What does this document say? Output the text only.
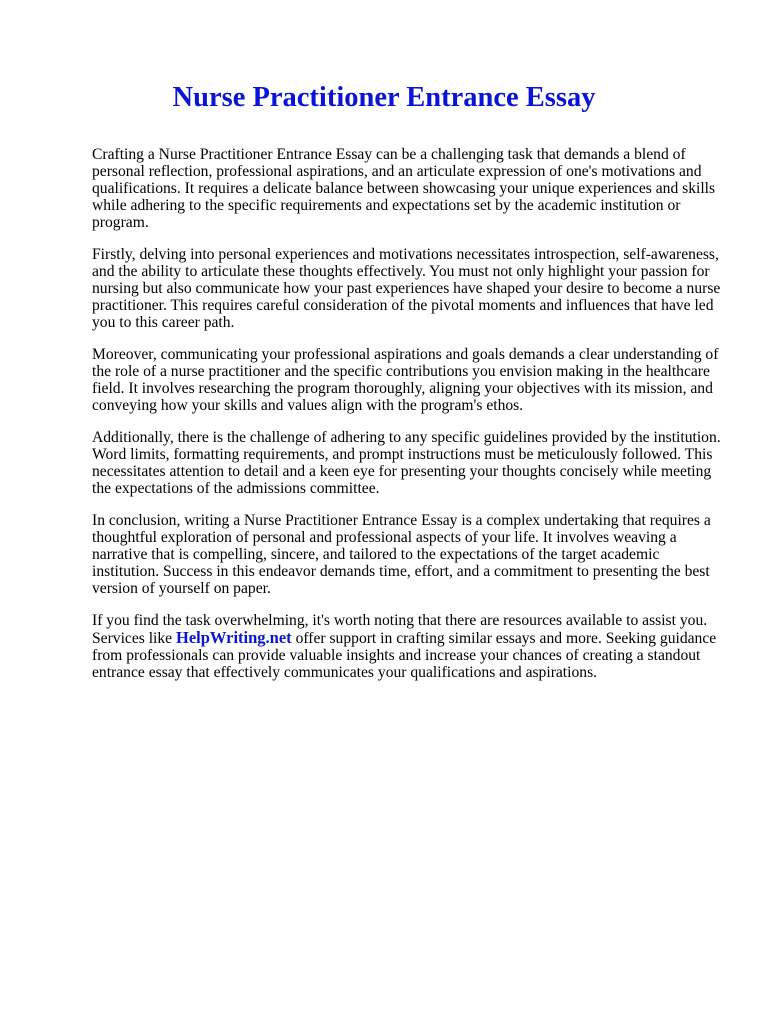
Nurse Practitioner Entrance Essay

Crafting a Nurse Practitioner Entrance Essay can be a challenging task that demands a blend of personal reflection, professional aspirations, and an articulate expression of one's motivations and qualifications. It requires a delicate balance between showcasing your unique experiences and skills while adhering to the specific requirements and expectations set by the academic institution or program.

Firstly, delving into personal experiences and motivations necessitates introspection, self-awareness, and the ability to articulate these thoughts effectively. You must not only highlight your passion for nursing but also communicate how your past experiences have shaped your desire to become a nurse practitioner. This requires careful consideration of the pivotal moments and influences that have led you to this career path.

Moreover, communicating your professional aspirations and goals demands a clear understanding of the role of a nurse practitioner and the specific contributions you envision making in the healthcare field. It involves researching the program thoroughly, aligning your objectives with its mission, and conveying how your skills and values align with the program's ethos.

Additionally, there is the challenge of adhering to any specific guidelines provided by the institution. Word limits, formatting requirements, and prompt instructions must be meticulously followed. This necessitates attention to detail and a keen eye for presenting your thoughts concisely while meeting the expectations of the admissions committee.

In conclusion, writing a Nurse Practitioner Entrance Essay is a complex undertaking that requires a thoughtful exploration of personal and professional aspects of your life. It involves weaving a narrative that is compelling, sincere, and tailored to the expectations of the target academic institution. Success in this endeavor demands time, effort, and a commitment to presenting the best version of yourself on paper.

If you find the task overwhelming, it's worth noting that there are resources available to assist you. Services like HelpWriting.net offer support in crafting similar essays and more. Seeking guidance from professionals can provide valuable insights and increase your chances of creating a standout entrance essay that effectively communicates your qualifications and aspirations.
